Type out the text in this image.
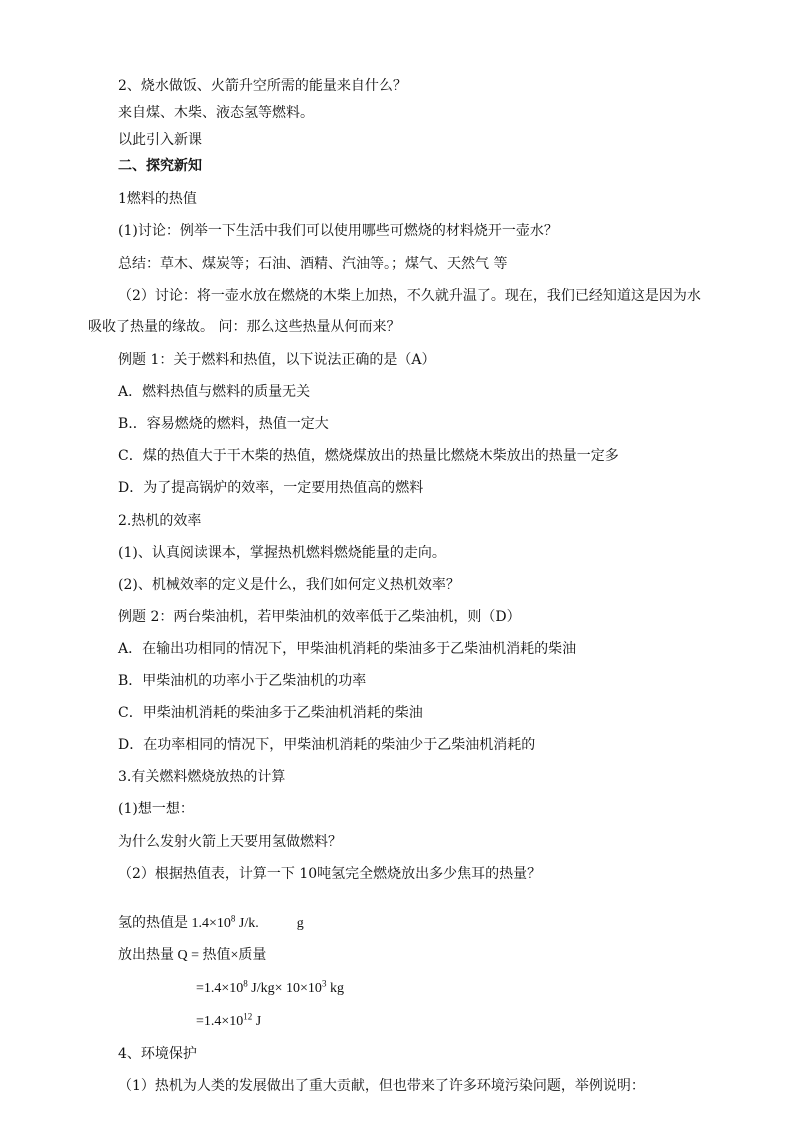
2、烧水做饭、火箭升空所需的能量来自什么？
来自煤、木柴、液态氢等燃料。
以此引入新课
二、探究新知
1燃料的热值
(1)讨论：例举一下生活中我们可以使用哪些可燃烧的材料烧开一壶水？
总结：草木、煤炭等；石油、酒精、汽油等。；煤气、天然气 等
（2）讨论：将一壶水放在燃烧的木柴上加热，不久就升温了。现在，我们已经知道这是因为水
吸收了热量的缘故。 问：那么这些热量从何而来？
例题 1：关于燃料和热值，以下说法正确的是（A）
A．燃料热值与燃料的质量无关
B.．容易燃烧的燃料，热值一定大
C．煤的热值大于干木柴的热值，燃烧煤放出的热量比燃烧木柴放出的热量一定多
D．为了提高锅炉的效率，一定要用热值高的燃料
2.热机的效率
(1)、认真阅读课本，掌握热机燃料燃烧能量的走向。
(2)、机械效率的定义是什么，我们如何定义热机效率？
例题 2：两台柴油机，若甲柴油机的效率低于乙柴油机，则（D）
A．在输出功相同的情况下，甲柴油机消耗的柴油多于乙柴油机消耗的柴油
B．甲柴油机的功率小于乙柴油机的功率
C．甲柴油机消耗的柴油多于乙柴油机消耗的柴油
D．在功率相同的情况下，甲柴油机消耗的柴油少于乙柴油机消耗的
3.有关燃料燃烧放热的计算
(1)想一想：
为什么发射火箭上天要用氢做燃料？
（2）根据热值表，计算一下 10吨氢完全燃烧放出多少焦耳的热量？
氢的热值是 $1.4\times 10^8$ J/k.	g
放出热量 Q = 热值×质量
$=1.4\times 10^8$ $J/kg\times 10\times 10^3$ kg
$=1.4\times 10^{12}$ J
4、环境保护
（1）热机为人类的发展做出了重大贡献，但也带来了许多环境污染问题，举例说明：
